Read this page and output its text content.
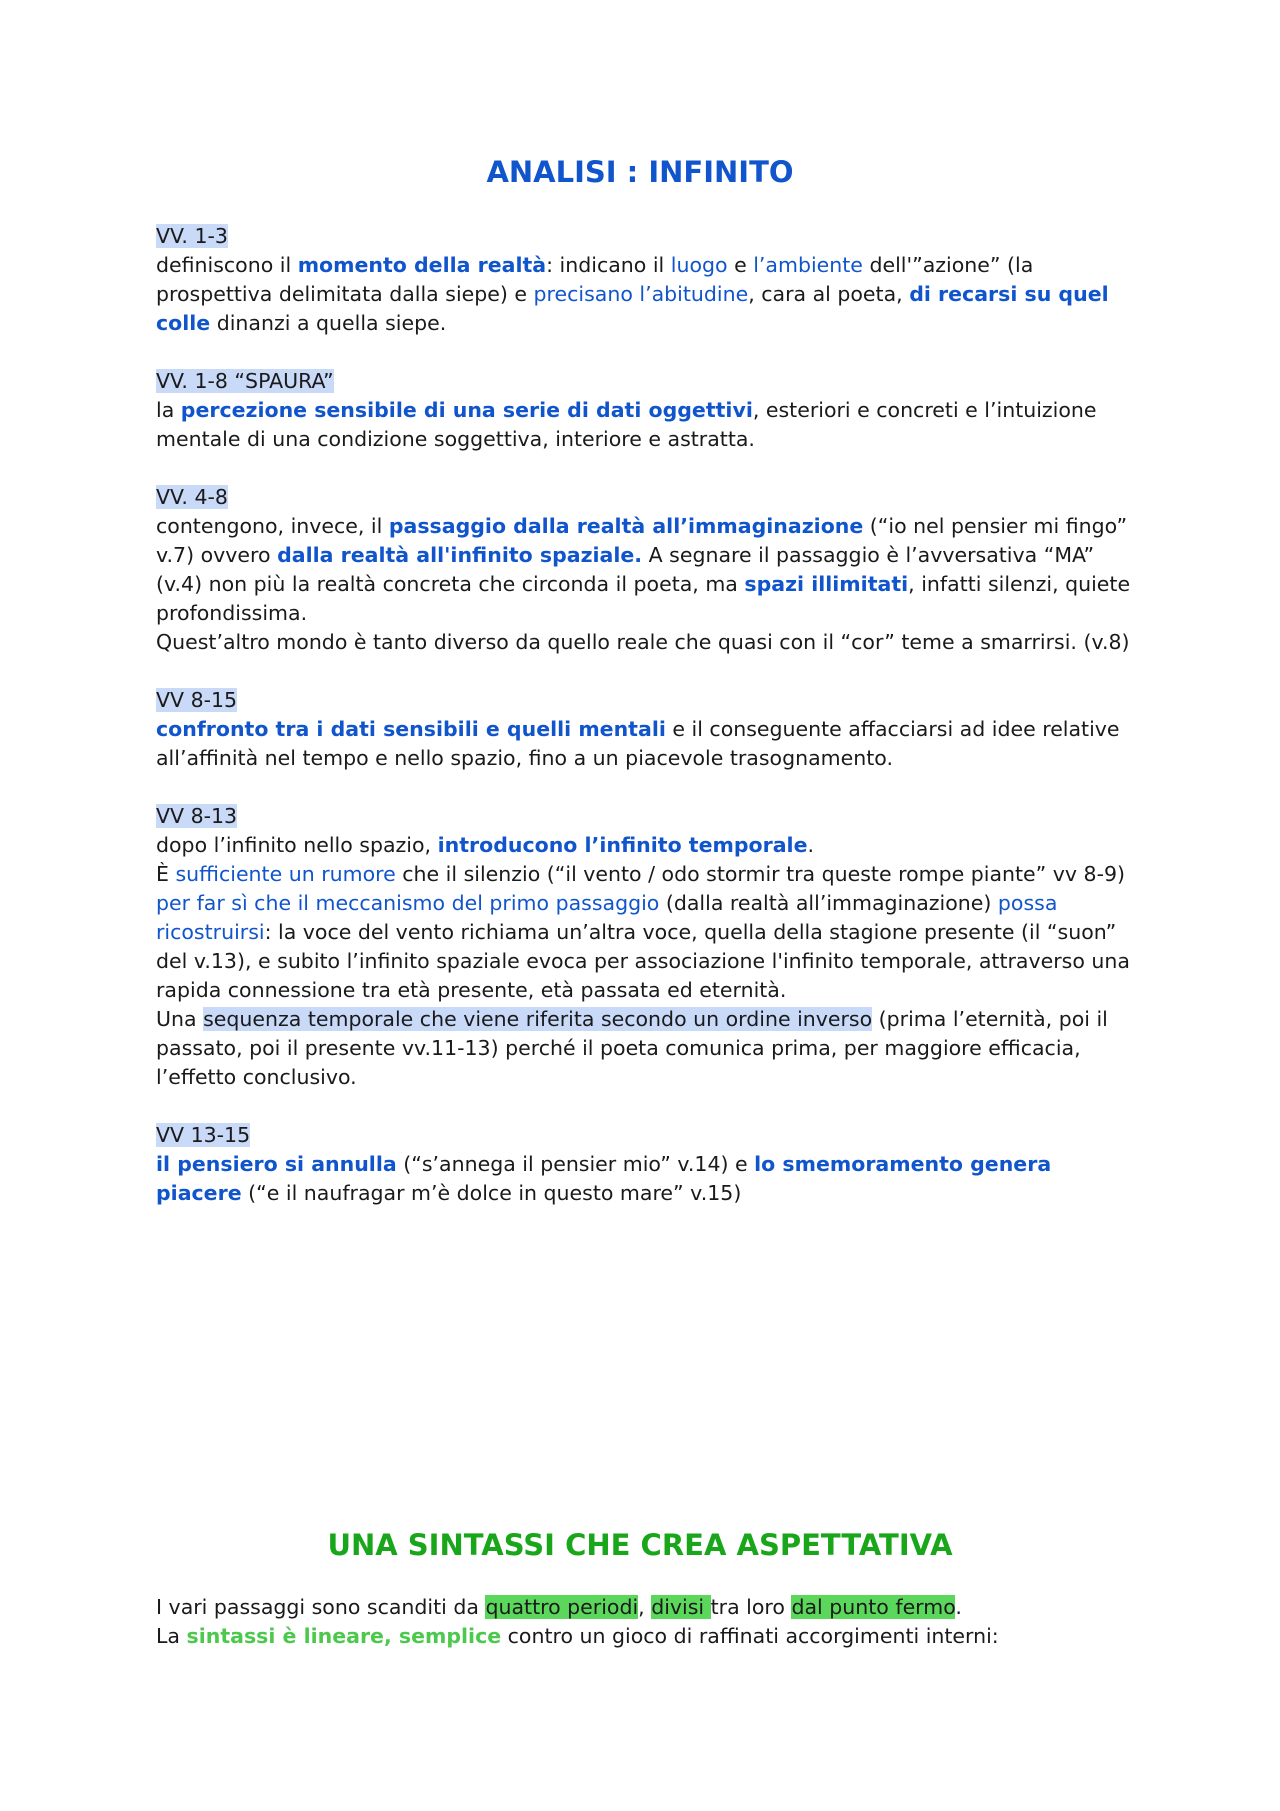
ANALISI : INFINITO

VV. 1-3

definiscono il momento della realtà: indicano il luogo e l’ambiente dell'”azione” (la prospettiva delimitata dalla siepe) e precisano l’abitudine, cara al poeta, di recarsi su quel colle dinanzi a quella siepe.

VV. 1-8 “SPAURA”

la percezione sensibile di una serie di dati oggettivi, esteriori e concreti e l’intuizione mentale di una condizione soggettiva, interiore e astratta.

VV. 4-8

contengono, invece, il passaggio dalla realtà all’immaginazione (“io nel pensier mi fingo” v.7) ovvero dalla realtà all'infinito spaziale. A segnare il passaggio è l’avversativa “MA” (v.4) non più la realtà concreta che circonda il poeta, ma spazi illimitati, infatti silenzi, quiete profondissima.

Quest’altro mondo è tanto diverso da quello reale che quasi con il “cor” teme a smarrirsi. (v.8)

VV 8-15

confronto tra i dati sensibili e quelli mentali e il conseguente affacciarsi ad idee relative all’affinità nel tempo e nello spazio, fino a un piacevole trasognamento.

VV 8-13

dopo l’infinito nello spazio, introducono l’infinito temporale.

È sufficiente un rumore che il silenzio (“il vento / odo stormir tra queste rompe piante” vv 8-9) per far sì che il meccanismo del primo passaggio (dalla realtà all’immaginazione) possa ricostruirsi: la voce del vento richiama un’altra voce, quella della stagione presente (il “suon” del v.13), e subito l’infinito spaziale evoca per associazione l'infinito temporale, attraverso una rapida connessione tra età presente, età passata ed eternità.

Una sequenza temporale che viene riferita secondo un ordine inverso (prima l’eternità, poi il passato, poi il presente vv.11-13) perché il poeta comunica prima, per maggiore efficacia, l’effetto conclusivo.

VV 13-15

il pensiero si annulla (“s’annega il pensier mio” v.14) e lo smemoramento genera piacere (“e il naufragar m’è dolce in questo mare” v.15)

UNA SINTASSI CHE CREA ASPETTATIVA

I vari passaggi sono scanditi da quattro periodi, divisi tra loro dal punto fermo.

La sintassi è lineare, semplice contro un gioco di raffinati accorgimenti interni:
